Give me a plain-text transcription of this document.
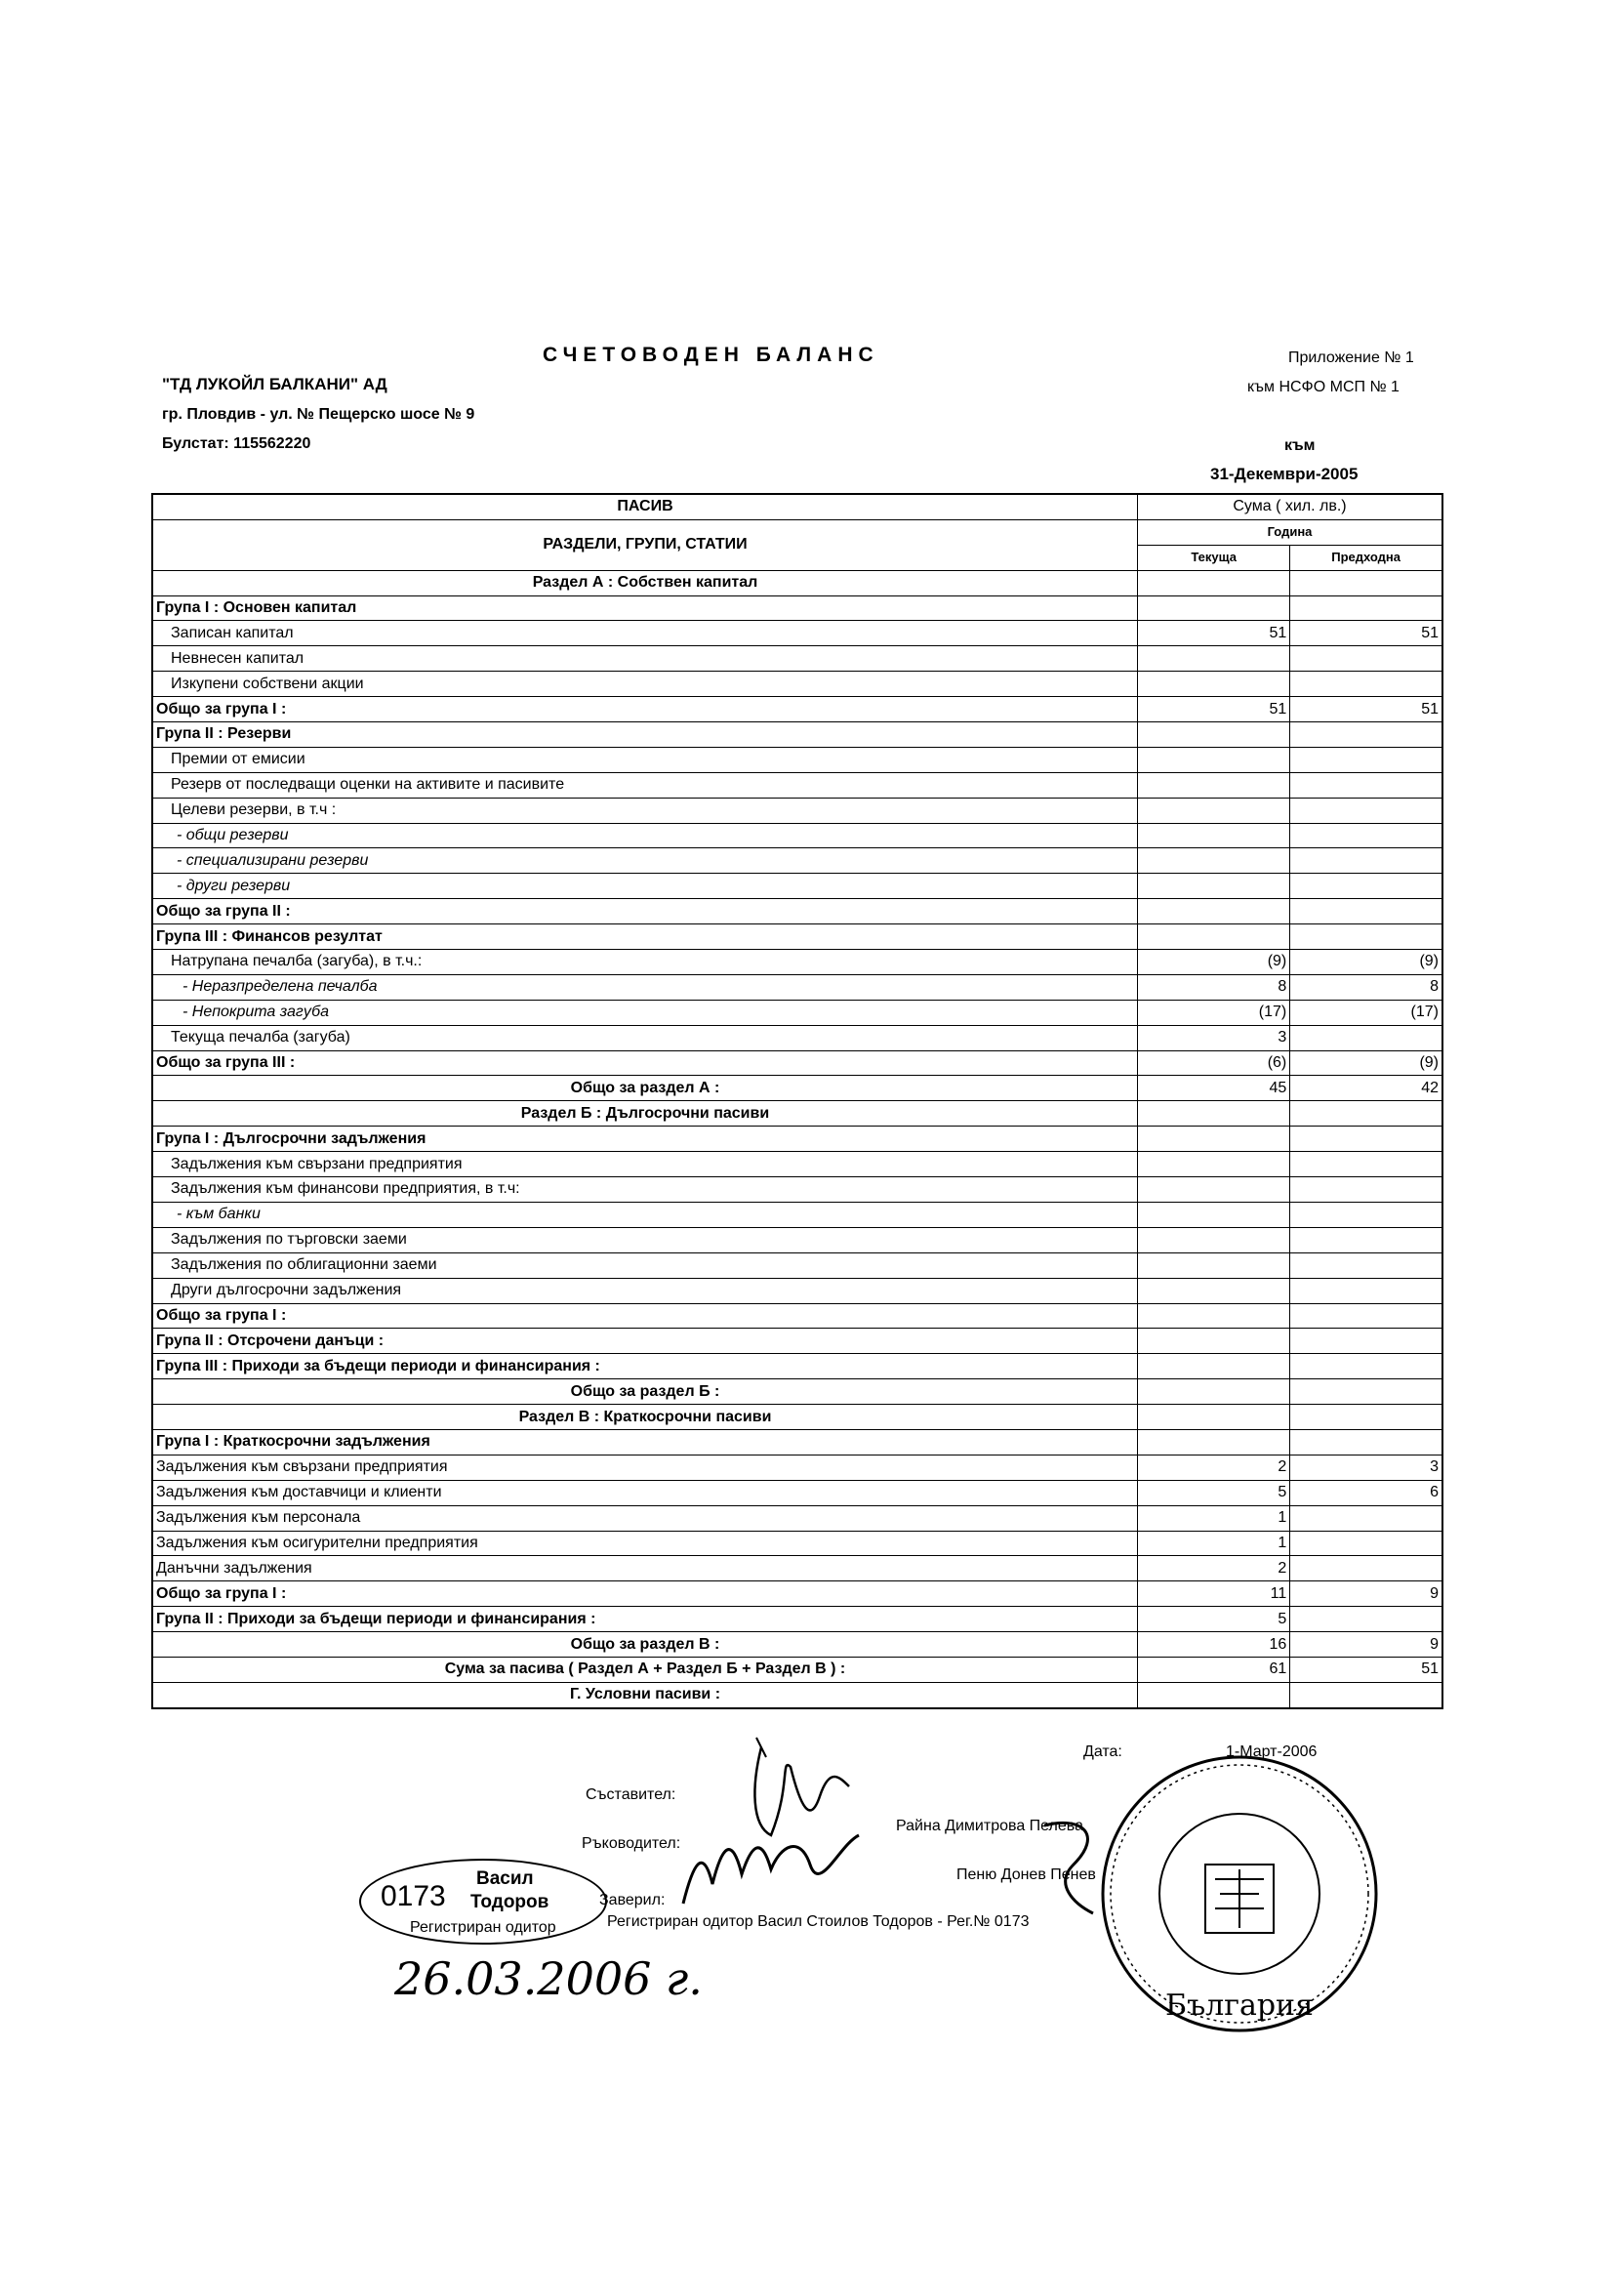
СЧЕТОВОДЕН БАЛАНС
"ТД ЛУКОЙЛ БАЛКАНИ" АД
гр. Пловдив - ул. № Пещерско шосе № 9
Булстат: 115562220
Приложение № 1
към НСФО МСП № 1
към
31-Декември-2005
ПАСИВ	Сума ( хил. лв.)	
РАЗДЕЛИ, ГРУПИ, СТАТИИ	Година	
	Текуща	Предходна
Раздел А : Собствен капитал		
Група I : Основен капитал		
Записан капитал	51	51
Невнесен капитал		
Изкупени собствени акции		
Общо за група I :	51	51
Група II : Резерви		
Премии от емисии		
Резерв от последващи оценки на активите и пасивите		
Целеви резерви, в т.ч :		
- общи резерви		
- специализирани резерви		
- други резерви		
Общо за група II :		
Група III : Финансов резултат		
Натрупана печалба (загуба), в т.ч.:	(9)	(9)
- Неразпределена печалба	8	8
- Непокрита загуба	(17)	(17)
Текуща печалба (загуба)	3	
Общо за група III :	(6)	(9)
Общо за раздел А :	45	42
Раздел Б : Дългосрочни пасиви		
Група I : Дългосрочни задължения		
Задължения към свързани предприятия		
Задължения към финансови предприятия, в т.ч:		
- към банки		
Задължения по търговски заеми		
Задължения по облигационни заеми		
Други дългосрочни задължения		
Общо за група I :		
Група II : Отсрочени данъци :		
Група III : Приходи за бъдещи периоди и финансирания :		
Общо за раздел Б :		
Раздел В : Краткосрочни пасиви		
Група I : Краткосрочни задължения		
Задължения към свързани предприятия	2	3
Задължения към доставчици и клиенти	5	6
Задължения към персонала	1	
Задължения към осигурителни предприятия	1	
Данъчни задължения	2	
Общо за група I :	11	9
Група II : Приходи за бъдещи периоди и финансирания :	5	
Общо за раздел В :	16	9
Сума за пасива ( Раздел А + Раздел Б + Раздел В ) :	61	51
Г. Условни пасиви :		
Дата:	1-Март-2006
Съставител:
Райна Димитрова Пелева
Ръководител:
Пеню Донев Пенев
Заверил:
Регистриран одитор Васил Стоилов Тодоров - Рег.№ 0173
0173
Васил
Тодоров
Регистриран одитор
26.03.2006 г.
България
